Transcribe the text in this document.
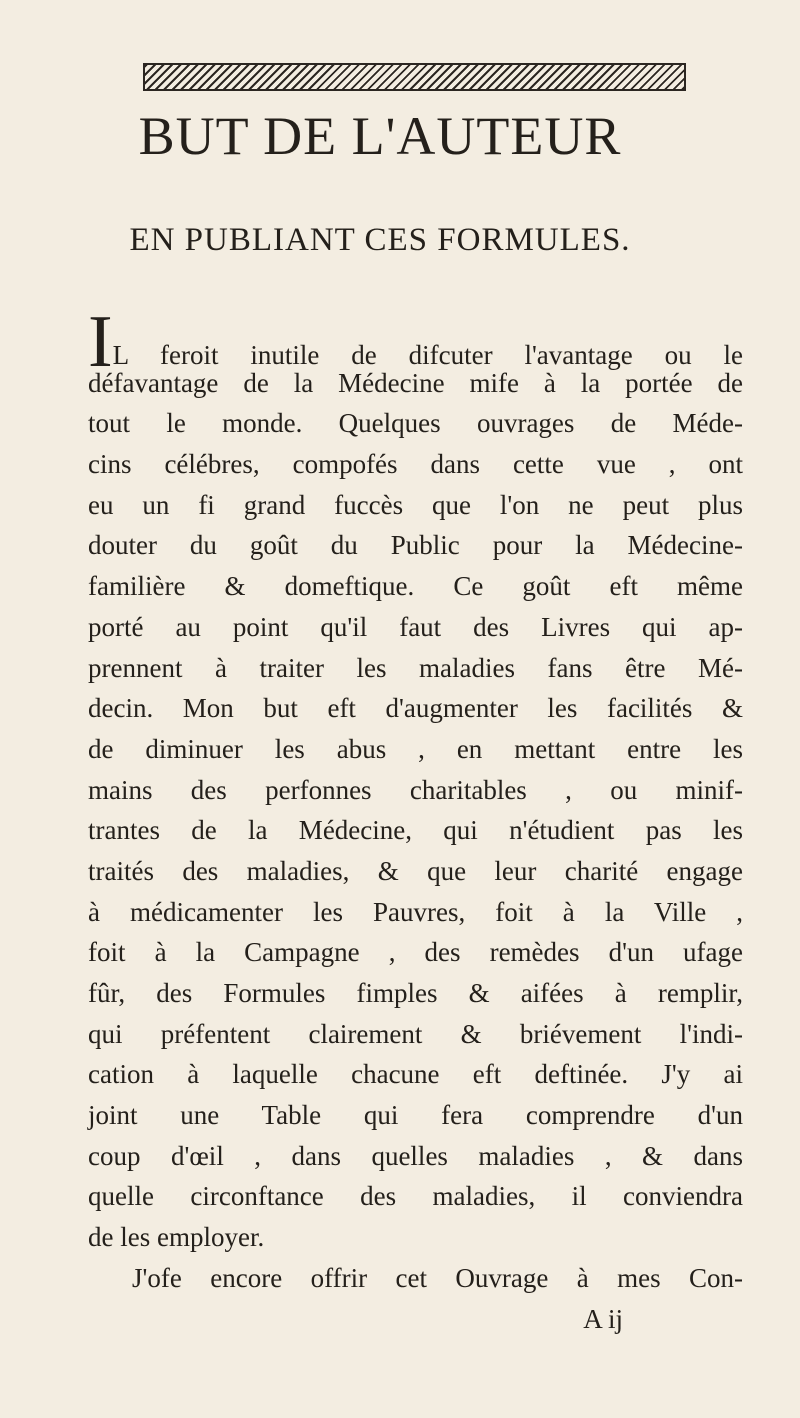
BUT DE L'AUTEUR
EN PUBLIANT CES FORMULES.
IL feroit inutile de difcuter l'avantage ou le
défavantage de la Médecine mife à la portée de
tout le monde. Quelques ouvrages de Méde-
cins célébres, compofés dans cette vue , ont
eu un fi grand fuccès que l'on ne peut plus
douter du goût du Public pour la Médecine-
familière & domeftique. Ce goût eft même
porté au point qu'il faut des Livres qui ap-
prennent à traiter les maladies fans être Mé-
decin. Mon but eft d'augmenter les facilités &
de diminuer les abus , en mettant entre les
mains des perfonnes charitables , ou minif-
trantes de la Médecine, qui n'étudient pas les
traités des maladies, & que leur charité engage
à médicamenter les Pauvres, foit à la Ville ,
foit à la Campagne , des remèdes d'un ufage
fûr, des Formules fimples & aifées à remplir,
qui préfentent clairement & briévement l'indi-
cation à laquelle chacune eft deftinée. J'y ai
joint une Table qui fera comprendre d'un
coup d'œil , dans quelles maladies , & dans
quelle circonftance des maladies, il conviendra
de les employer.
J'ofe encore offrir cet Ouvrage à mes Con-
A ij
